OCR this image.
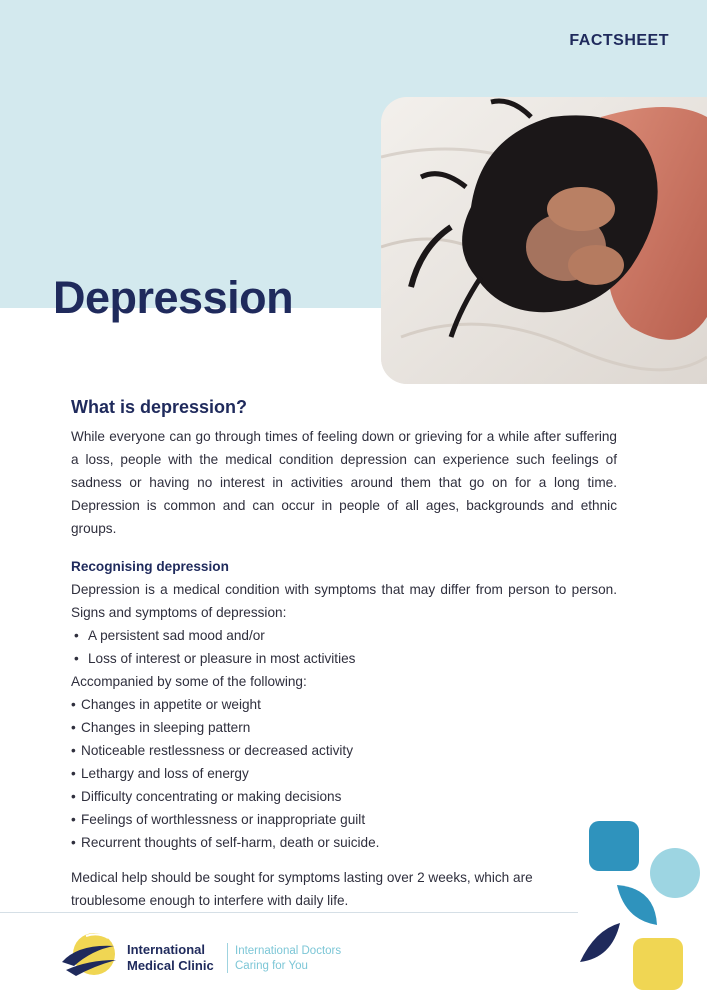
FACTSHEET
Depression
What is depression?

While everyone can go through times of feeling down or grieving for a while after suffering a loss, people with the medical condition depression can experience such feelings of sadness or having no interest in activities around them that go on for a long time. Depression is common and can occur in people of all ages, backgrounds and ethnic groups.

Recognising depression

Depression is a medical condition with symptoms that may differ from person to person. Signs and symptoms of depression:

• A persistent sad mood and/or
• Loss of interest or pleasure in most activities

Accompanied by some of the following:

• Changes in appetite or weight
• Changes in sleeping pattern
• Noticeable restlessness or decreased activity
• Lethargy and loss of energy
• Difficulty concentrating or making decisions
• Feelings of worthlessness or inappropriate guilt
• Recurrent thoughts of self-harm, death or suicide.

Medical help should be sought for symptoms lasting over 2 weeks, which are troublesome enough to interfere with daily life.

International
Medical Clinic
International Doctors
Caring for You
